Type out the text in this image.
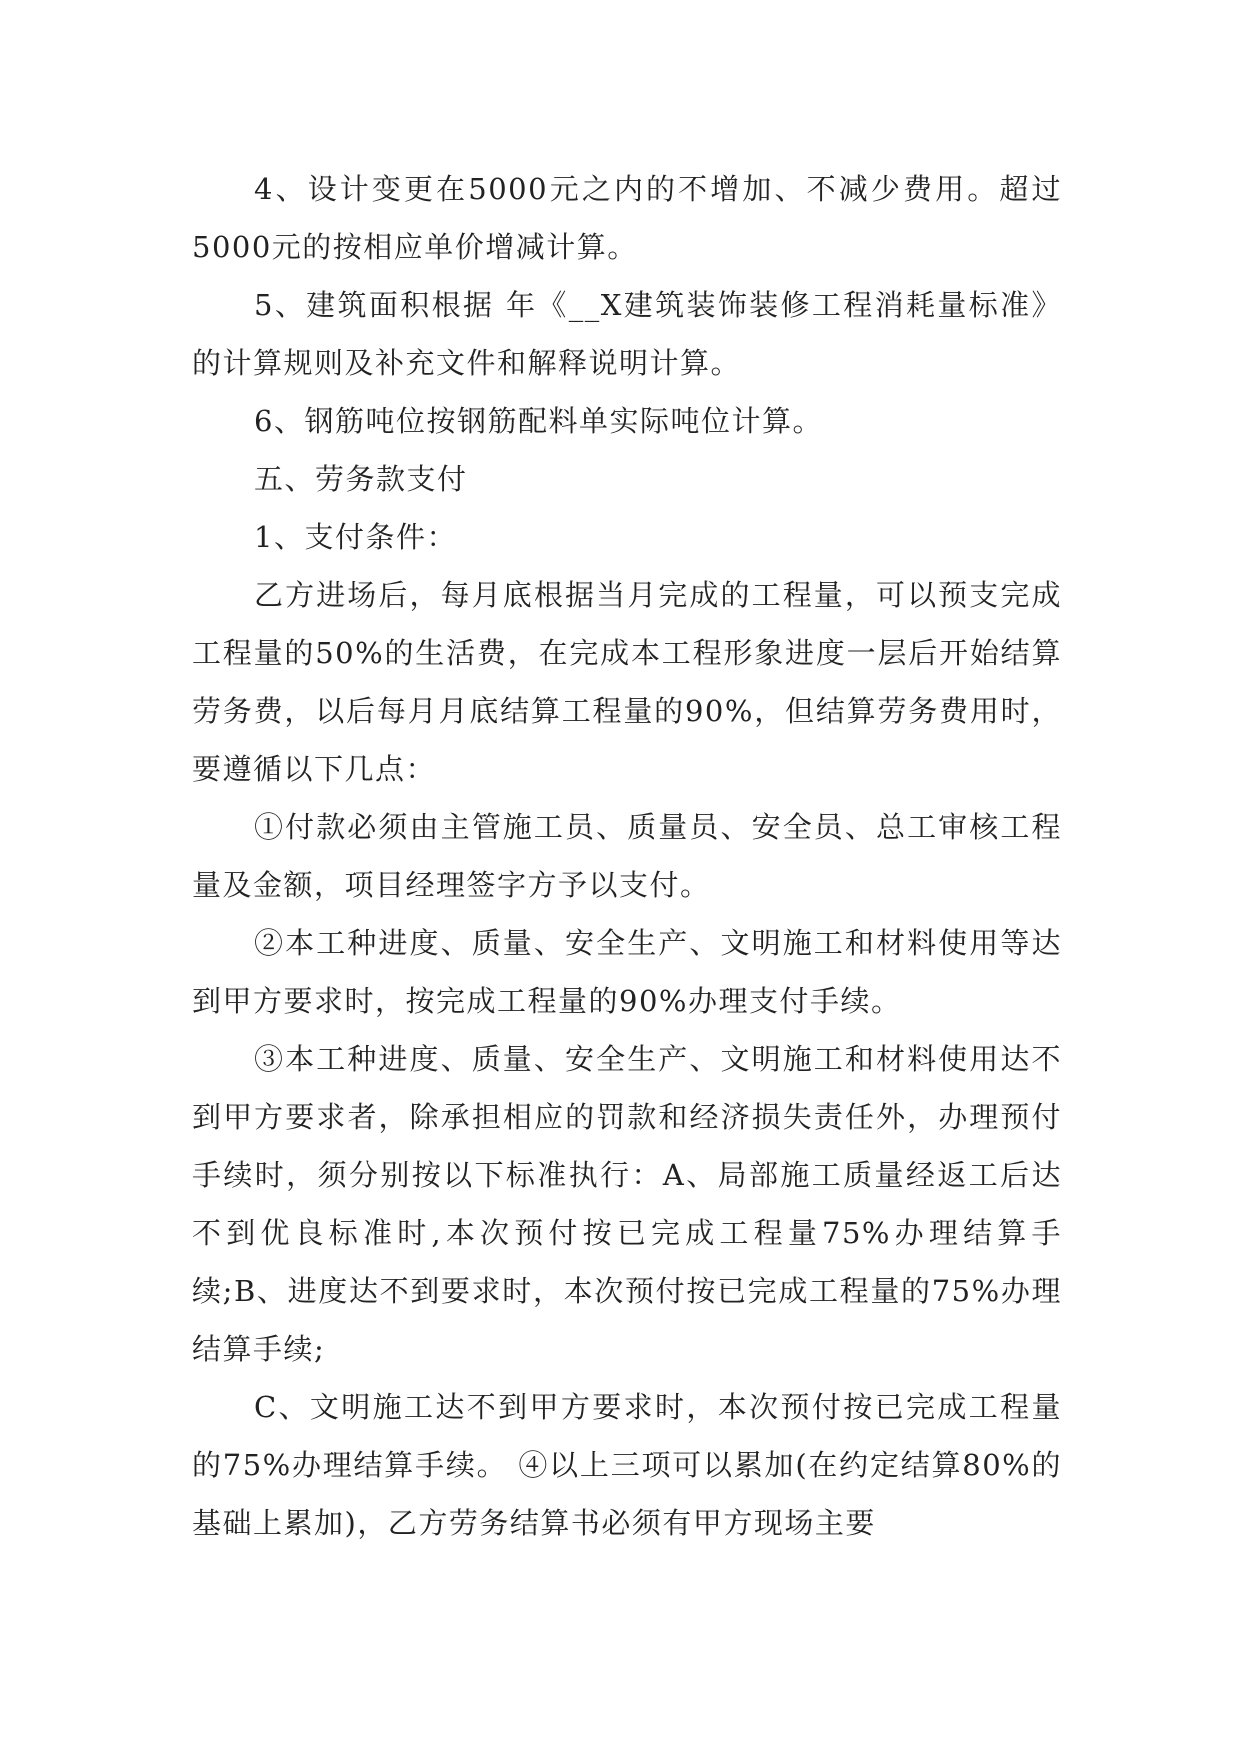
4、设计变更在5000元之内的不增加、不减少费用。超过5000元的按相应单价增减计算。

5、建筑面积根据 年《__X建筑装饰装修工程消耗量标准》的计算规则及补充文件和解释说明计算。

6、钢筋吨位按钢筋配料单实际吨位计算。

五、劳务款支付

1、支付条件：

乙方进场后，每月底根据当月完成的工程量，可以预支完成工程量的50%的生活费，在完成本工程形象进度一层后开始结算劳务费，以后每月月底结算工程量的90%，但结算劳务费用时，要遵循以下几点：

①付款必须由主管施工员、质量员、安全员、总工审核工程量及金额，项目经理签字方予以支付。

②本工种进度、质量、安全生产、文明施工和材料使用等达到甲方要求时，按完成工程量的90%办理支付手续。

③本工种进度、质量、安全生产、文明施工和材料使用达不到甲方要求者，除承担相应的罚款和经济损失责任外，办理预付手续时，须分别按以下标准执行：A、局部施工质量经返工后达不到优良标准时,本次预付按已完成工程量75%办理结算手续;B、进度达不到要求时，本次预付按已完成工程量的75%办理结算手续;

C、文明施工达不到甲方要求时，本次预付按已完成工程量的75%办理结算手续。 ④以上三项可以累加(在约定结算80%的基础上累加)，乙方劳务结算书必须有甲方现场主要
